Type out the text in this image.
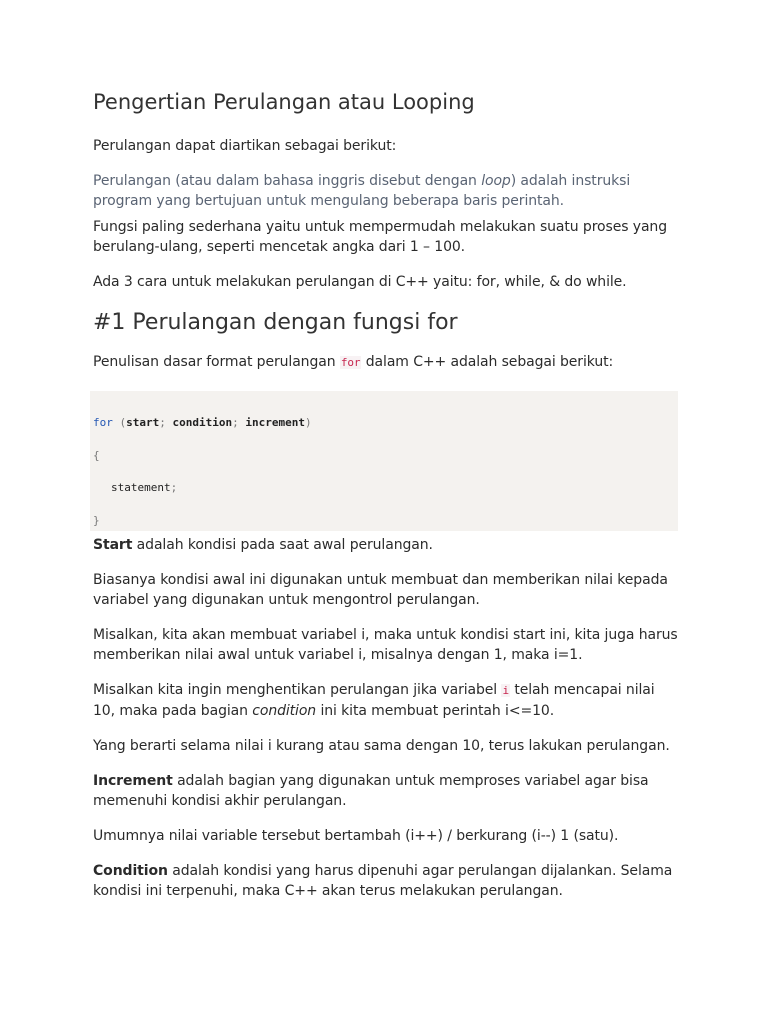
Pengertian Perulangan atau Looping

Perulangan dapat diartikan sebagai berikut:

Perulangan (atau dalam bahasa inggris disebut dengan loop) adalah instruksi program yang bertujuan untuk mengulang beberapa baris perintah.

Fungsi paling sederhana yaitu untuk mempermudah melakukan suatu proses yang berulang-ulang, seperti mencetak angka dari 1 – 100.

Ada 3 cara untuk melakukan perulangan di C++ yaitu: for, while, & do while.

#1 Perulangan dengan fungsi for

Penulisan dasar format perulangan for dalam C++ adalah sebagai berikut:

for (start; condition; increment)
{
statement;
}

Start adalah kondisi pada saat awal perulangan.

Biasanya kondisi awal ini digunakan untuk membuat dan memberikan nilai kepada variabel yang digunakan untuk mengontrol perulangan.

Misalkan, kita akan membuat variabel i, maka untuk kondisi start ini, kita juga harus memberikan nilai awal untuk variabel i, misalnya dengan 1, maka i=1.

Misalkan kita ingin menghentikan perulangan jika variabel i telah mencapai nilai 10, maka pada bagian condition ini kita membuat perintah i<=10.

Yang berarti selama nilai i kurang atau sama dengan 10, terus lakukan perulangan.

Increment adalah bagian yang digunakan untuk memproses variabel agar bisa memenuhi kondisi akhir perulangan.

Umumnya nilai variable tersebut bertambah (i++) / berkurang (i--) 1 (satu).

Condition adalah kondisi yang harus dipenuhi agar perulangan dijalankan. Selama kondisi ini terpenuhi, maka C++ akan terus melakukan perulangan.
